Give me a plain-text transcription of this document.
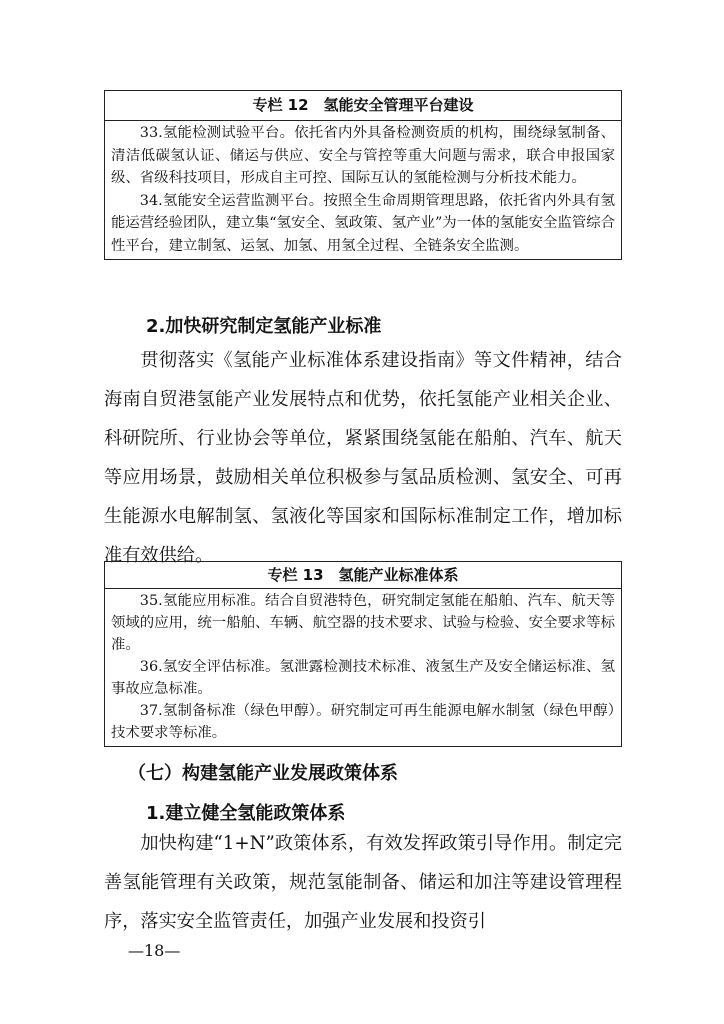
专栏 12　氢能安全管理平台建设

33.氢能检测试验平台。依托省内外具备检测资质的机构，围绕绿氢制备、清洁低碳氢认证、储运与供应、安全与管控等重大问题与需求，联合申报国家级、省级科技项目，形成自主可控、国际互认的氢能检测与分析技术能力。

34.氢能安全运营监测平台。按照全生命周期管理思路，依托省内外具有氢能运营经验团队，建立集“氢安全、氢政策、氢产业”为一体的氢能安全监管综合性平台，建立制氢、运氢、加氢、用氢全过程、全链条安全监测。

2.加快研究制定氢能产业标准

贯彻落实《氢能产业标准体系建设指南》等文件精神，结合海南自贸港氢能产业发展特点和优势，依托氢能产业相关企业、科研院所、行业协会等单位，紧紧围绕氢能在船舶、汽车、航天等应用场景，鼓励相关单位积极参与氢品质检测、氢安全、可再生能源水电解制氢、氢液化等国家和国际标准制定工作，增加标准有效供给。

专栏 13　氢能产业标准体系

35.氢能应用标准。结合自贸港特色，研究制定氢能在船舶、汽车、航天等领域的应用，统一船舶、车辆、航空器的技术要求、试验与检验、安全要求等标准。

36.氢安全评估标准。氢泄露检测技术标准、液氢生产及安全储运标准、氢事故应急标准。

37.氢制备标准（绿色甲醇）。研究制定可再生能源电解水制氢（绿色甲醇）技术要求等标准。

（七）构建氢能产业发展政策体系
1.建立健全氢能政策体系

加快构建“1+N”政策体系，有效发挥政策引导作用。制定完善氢能管理有关政策，规范氢能制备、储运和加注等建设管理程序，落实安全监管责任，加强产业发展和投资引

—18—
